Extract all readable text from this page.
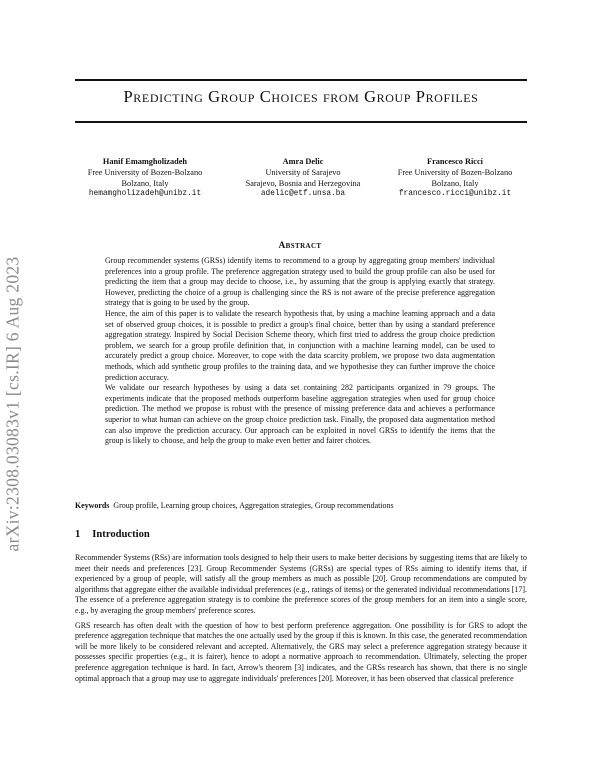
arXiv:2308.03083v1 [cs.IR] 6 Aug 2023
Predicting Group Choices from Group Profiles
Hanif Emamgholizadeh
Free University of Bozen-Bolzano
Bolzano, Italy
hemamgholizadeh@unibz.it
Amra Delic
University of Sarajevo
Sarajevo, Bosnia and Herzegovina
adelic@etf.unsa.ba
Francesco Ricci
Free University of Bozen-Bolzano
Bolzano, Italy
francesco.ricci@unibz.it
Abstract

Group recommender systems (GRSs) identify items to recommend to a group by aggregating group members' individual preferences into a group profile. The preference aggregation strategy used to build the group profile can also be used for predicting the item that a group may decide to choose, i.e., by assuming that the group is applying exactly that strategy. However, predicting the choice of a group is challenging since the RS is not aware of the precise preference aggregation strategy that is going to be used by the group.

Hence, the aim of this paper is to validate the research hypothesis that, by using a machine learning approach and a data set of observed group choices, it is possible to predict a group's final choice, better than by using a standard preference aggregation strategy. Inspired by Social Decision Scheme theory, which first tried to address the group choice prediction problem, we search for a group profile definition that, in conjunction with a machine learning model, can be used to accurately predict a group choice. Moreover, to cope with the data scarcity problem, we propose two data augmentation methods, which add synthetic group profiles to the training data, and we hypothesise they can further improve the choice prediction accuracy.

We validate our research hypotheses by using a data set containing 282 participants organized in 79 groups. The experiments indicate that the proposed methods outperform baseline aggregation strategies when used for group choice prediction. The method we propose is robust with the presence of missing preference data and achieves a performance superior to what human can achieve on the group choice prediction task. Finally, the proposed data augmentation method can also improve the prediction accuracy. Our approach can be exploited in novel GRSs to identify the items that the group is likely to choose, and help the group to make even better and fairer choices.

Keywords Group profile, Learning group choices, Aggregation strategies, Group recommendations
1 Introduction

Recommender Systems (RSs) are information tools designed to help their users to make better decisions by suggesting items that are likely to meet their needs and preferences [23]. Group Recommender Systems (GRSs) are special types of RSs aiming to identify items that, if experienced by a group of people, will satisfy all the group members as much as possible [20]. Group recommendations are computed by algorithms that aggregate either the available individual preferences (e.g., ratings of items) or the generated individual recommendations [17]. The essence of a preference aggregation strategy is to combine the preference scores of the group members for an item into a single score, e.g., by averaging the group members' preference scores.

GRS research has often dealt with the question of how to best perform preference aggregation. One possibility is for GRS to adopt the preference aggregation technique that matches the one actually used by the group if this is known. In this case, the generated recommendation will be more likely to be considered relevant and accepted. Alternatively, the GRS may select a preference aggregation strategy because it possesses specific properties (e.g., it is fairer), hence to adopt a normative approach to recommendation. Ultimately, selecting the proper preference aggregation technique is hard. In fact, Arrow's theorem [3] indicates, and the GRSs research has shown, that there is no single optimal approach that a group may use to aggregate individuals' preferences [20]. Moreover, it has been observed that classical preference
